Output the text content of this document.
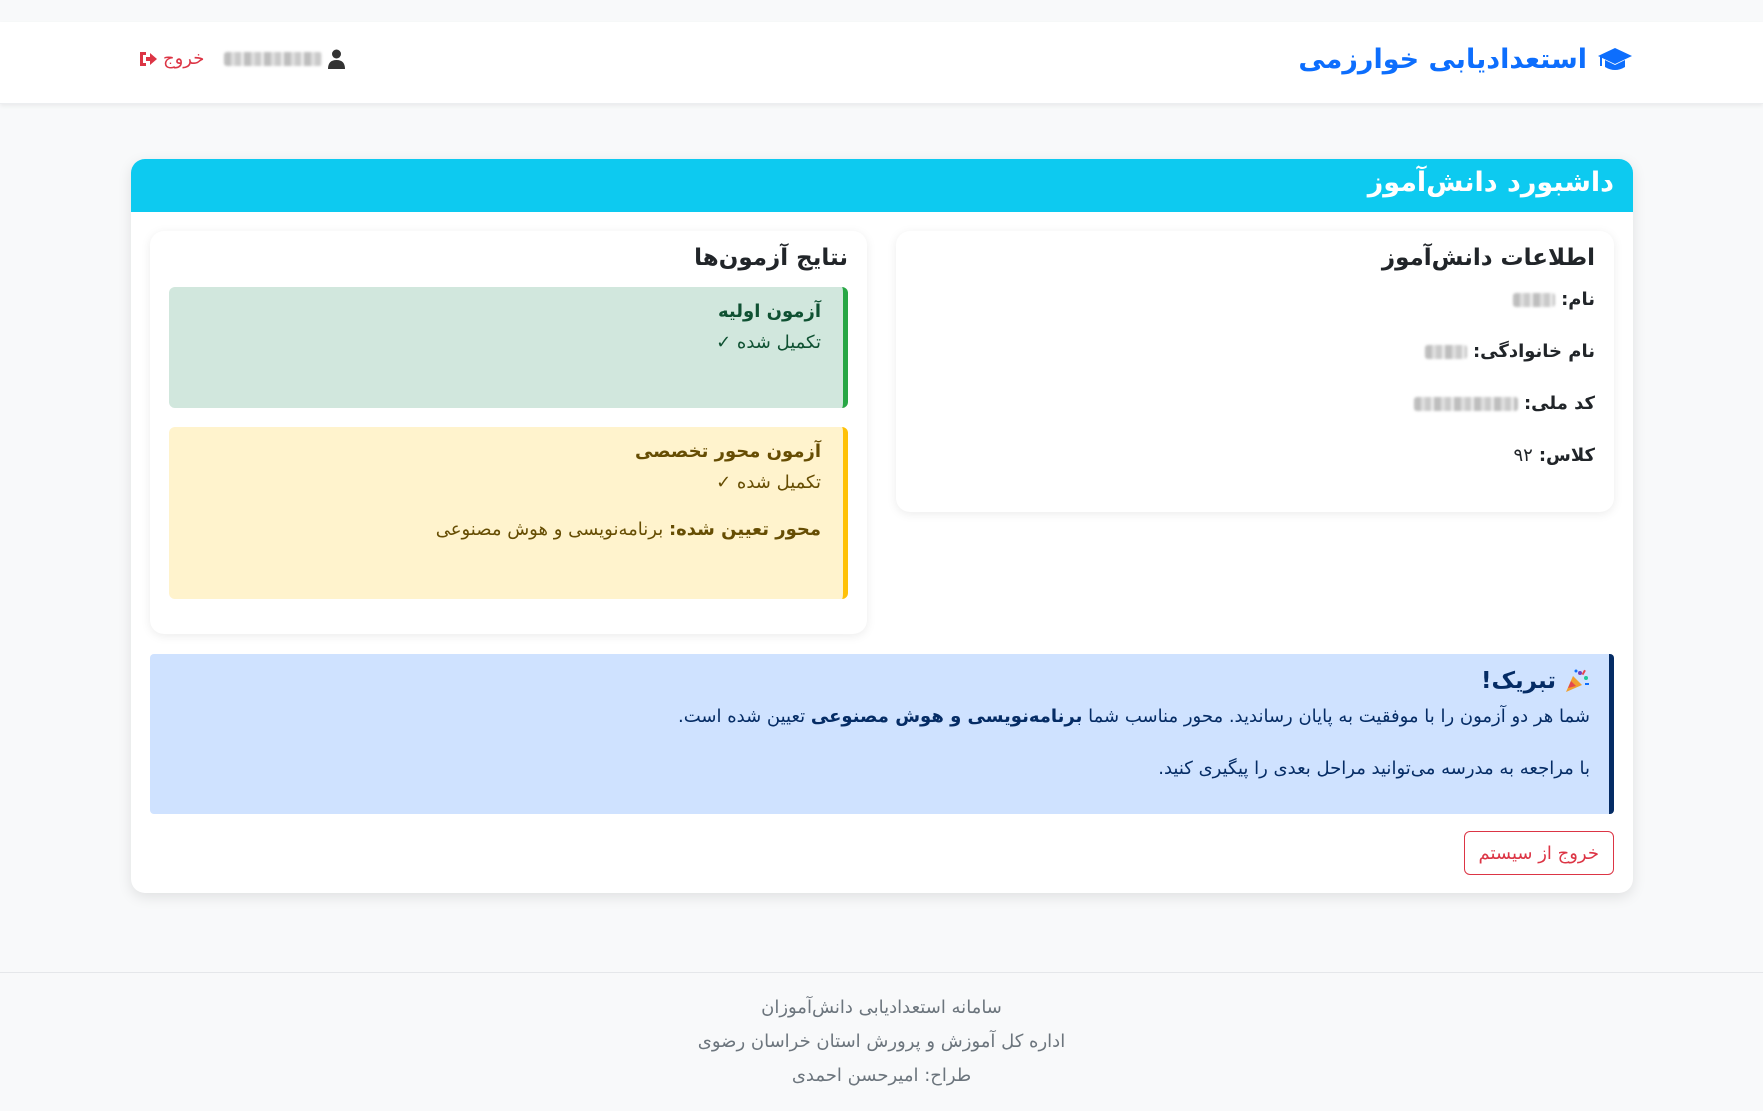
استعدادیابی خوارزمی
خروج
داشبورد دانش‌آموز
اطلاعات دانش‌آموز
نام:
نام خانوادگی:
کد ملی:
کلاس:
۹۲
نتایج آزمون‌ها
آزمون اولیه
تکمیل شده ✓
آزمون محور تخصصی
تکمیل شده ✓
محور تعیین شده: برنامه‌نویسی و هوش مصنوعی
تبریک!

شما هر دو آزمون را با موفقیت به پایان رساندید. محور مناسب شما برنامه‌نویسی و هوش مصنوعی تعیین شده است.

با مراجعه به مدرسه می‌توانید مراحل بعدی را پیگیری کنید.

خروج از سیستم
سامانه استعدادیابی دانش‌آموزان
اداره کل آموزش و پرورش استان خراسان رضوی
طراح: امیرحسن احمدی
